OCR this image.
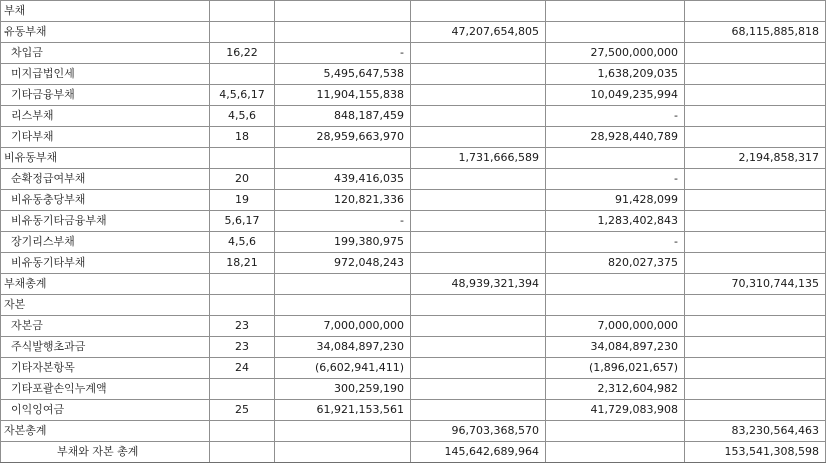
부채					
유동부채			47,207,654,805		68,115,885,818
차입금	16,22	-		27,500,000,000	
미지급법인세		5,495,647,538		1,638,209,035	
기타금융부채	4,5,6,17	11,904,155,838		10,049,235,994	
리스부채	4,5,6	848,187,459		-	
기타부채	18	28,959,663,970		28,928,440,789	
비유동부채			1,731,666,589		2,194,858,317
순확정급여부채	20	439,416,035		-	
비유동충당부채	19	120,821,336		91,428,099	
비유동기타금융부채	5,6,17	-		1,283,402,843	
장기리스부채	4,5,6	199,380,975		-	
비유동기타부채	18,21	972,048,243		820,027,375	
부채총계			48,939,321,394		70,310,744,135
자본					
자본금	23	7,000,000,000		7,000,000,000	
주식발행초과금	23	34,084,897,230		34,084,897,230	
기타자본항목	24	(6,602,941,411)		(1,896,021,657)	
기타포괄손익누계액		300,259,190		2,312,604,982	
이익잉여금	25	61,921,153,561		41,729,083,908	
자본총계			96,703,368,570		83,230,564,463
부채와 자본 총계			145,642,689,964		153,541,308,598
